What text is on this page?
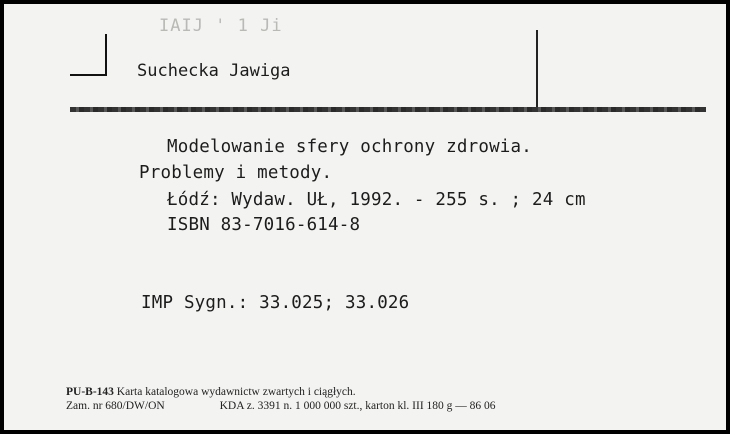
IAIJ ' 1 Ji
Suchecka Jawiga
Modelowanie sfery ochrony zdrowia.
Problemy i metody.
Łódź: Wydaw. UŁ, 1992. - 255 s. ; 24 cm
ISBN 83-7016-614-8
IMP Sygn.: 33.025; 33.026
PU-B-143 Karta katalogowa wydawnictw zwartych i ciągłych.
Zam. nr 680/DW/ON	KDA z. 3391 n. 1 000 000 szt., karton kl. III 180 g — 86 06
